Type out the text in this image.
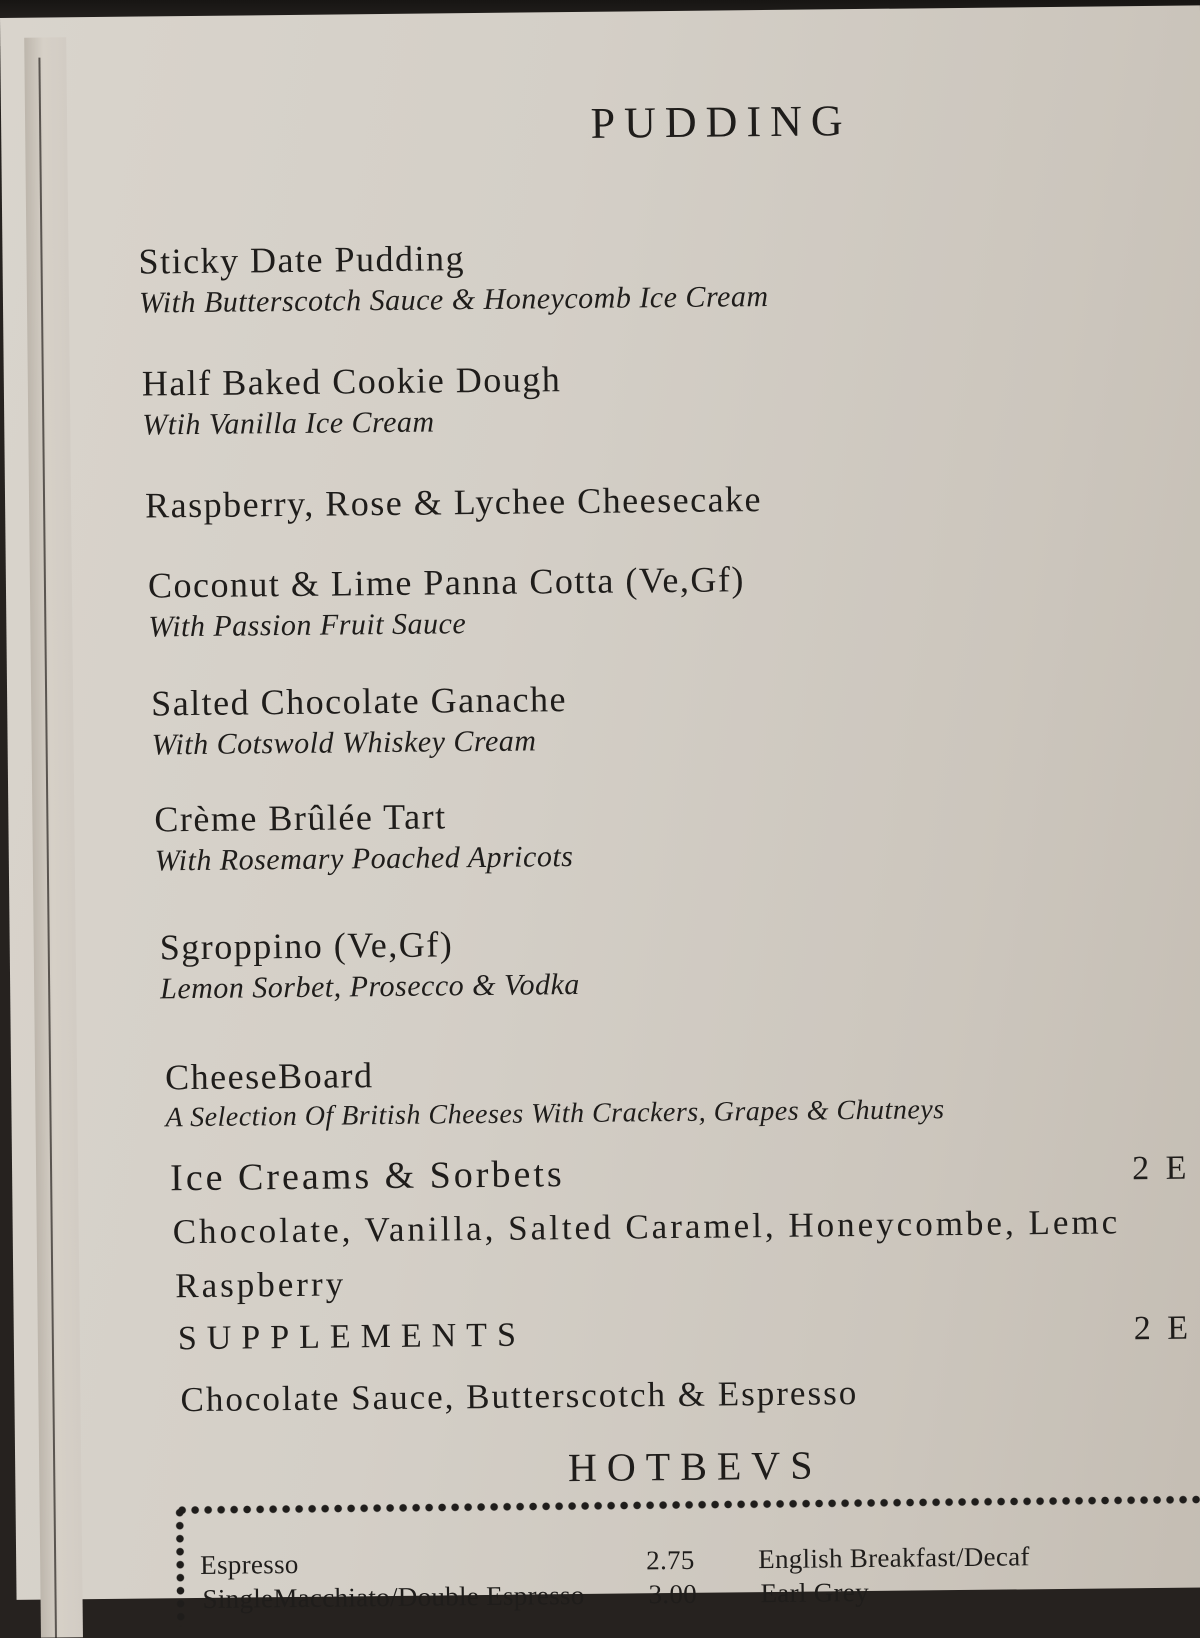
PUDDING
Sticky Date Pudding
With Butterscotch Sauce & Honeycomb Ice Cream
Half Baked Cookie Dough
Wtih Vanilla Ice Cream
Raspberry, Rose & Lychee Cheesecake
Coconut & Lime Panna Cotta (Ve,Gf)
With Passion Fruit Sauce
Salted Chocolate Ganache
With Cotswold Whiskey Cream
Crème Brûlée Tart
With Rosemary Poached Apricots
Sgroppino (Ve,Gf)
Lemon Sorbet, Prosecco & Vodka
CheeseBoard
A Selection Of British Cheeses With Crackers, Grapes & Chutneys
Ice Creams & Sorbets	2 E
Chocolate, Vanilla, Salted Caramel, Honeycombe, Lemc
Raspberry
SUPPLEMENTS	2 E
Chocolate Sauce, Butterscotch & Espresso
HOTBEVS
Espresso	2.75 English Breakfast/Decaf
SingleMacchiato/Double Espresso 3.00 Earl Grey
